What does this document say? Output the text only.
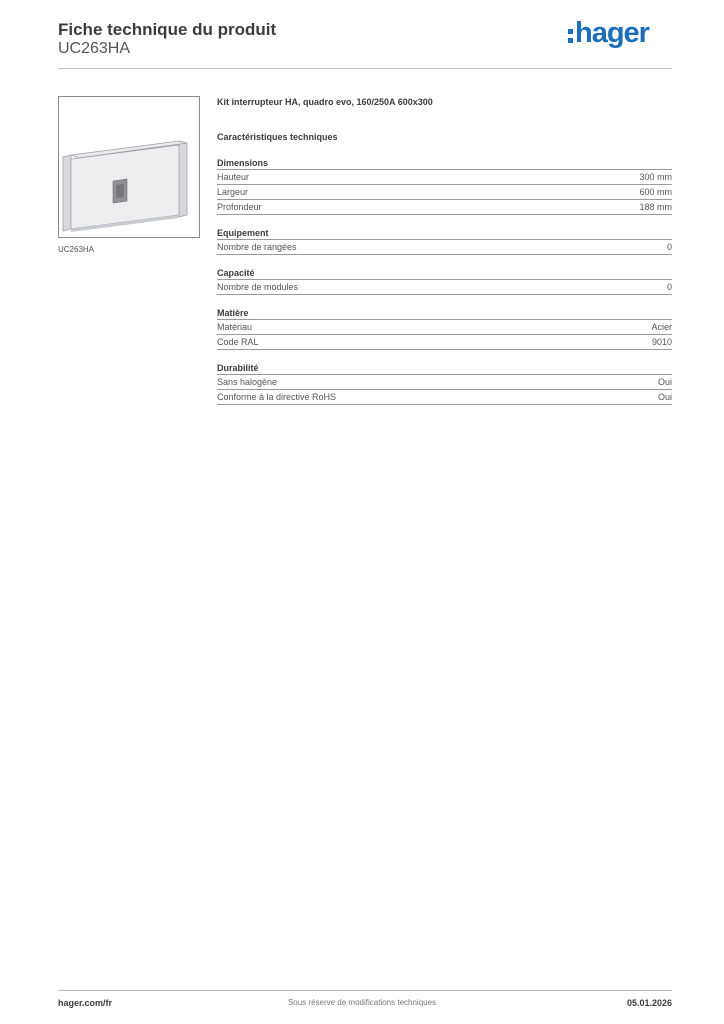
Fiche technique du produit
UC263HA	hager
UC263HA
Kit interrupteur HA, quadro evo, 160/250A 600x300
Caractéristiques techniques
Dimensions
Hauteur	300 mm
Largeur	600 mm
Profondeur	188 mm
Equipement
Nombre de rangées	0
Capacité
Nombre de modules	0
Matière
Matériau	Acier
Code RAL	9010
Durabilité
Sans halogène	Oui
Conforme à la directive RoHS	Oui
hager.com/fr	Sous réserve de modifications techniques	05.01.2026
